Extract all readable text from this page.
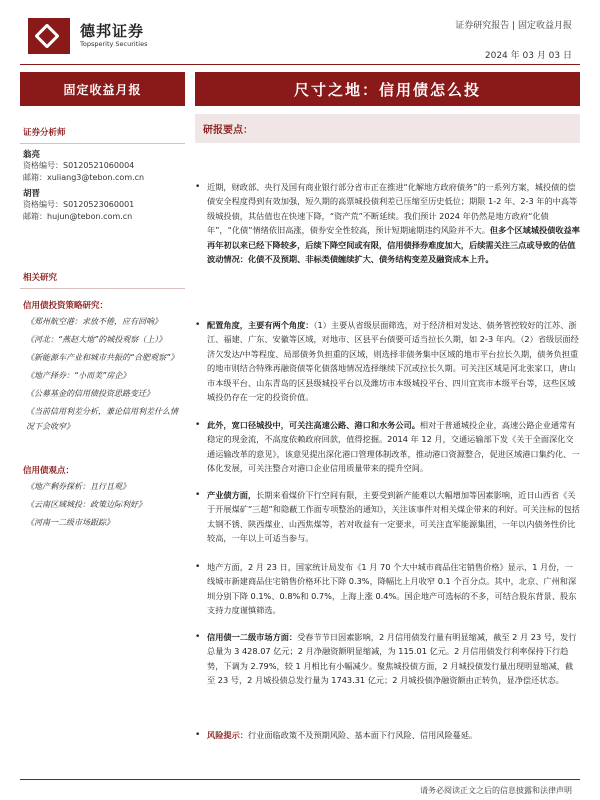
德邦证券
Topsperity Securities
证券研究报告 | 固定收益月报
2024 年 03 月 03 日
固定收益月报
证券分析师
翁亮
资格编号：S0120521060004
邮箱：xuliang3@tebon.com.cn
胡晋
资格编号：S0120523060001
邮箱：hujun@tebon.com.cn
相关研究
信用债投资策略研究：
《郑州航空港：求放不倦，应有回响》
《河北：“燕赵大地”的城投观察（上）》
《新能源车产业和城市共振的“合肥观察”》
《地产择券：“小而美”房企》
《公募基金的信用债投资思路变迁》
《当前信用利差分析，兼论信用利差什么情况下会收窄》
信用债观点：
《地产剩券探析：且行且观》
《云南区域城投：政策边际利好》
《河南一二级市场跟踪》
尺寸之地：信用债怎么投
研报要点：
• 近期，财政部、央行及国有商业银行部分省市正在推进“化解地方政府债务”的一系列方案，城投债的偿债安全程度得到有效加强，短久期的高票城投债利差已压缩至历史低位；期限 1-2 年、2-3 年的中高等级城投债，其估值也在快速下降，“资产荒”不断延续。我们预计 2024 年仍然是地方政府“化债年”，“化债”情绪依旧高涨，债券安全性较高，预计短期逾期违约风险并不大。但多个区域城投债收益率再年初以来已经下降较多，后续下降空间或有限，信用债择券难度加大，后续需关注三点或导致的估值波动情况：化债不及预期、非标类债缠续扩大、债务结构变差及融资成本上升。
• 配置角度，主要有两个角度：（1）主要从省级层面筛选，对于经济相对发达、债务管控较好的江苏、浙江、福建、广东、安徽等区域，对地市、区县平台债要可适当拉长久期，如 2-3 年内。（2）省级层面经济欠发达/中等程度、局部债务负担重的区域，则选择非债务集中区域的地市平台拉长久期，债务负担重的地市则结合特殊再融资债等化债落地情况选择继续下沉或拉长久期。可关注区域是河北张家口，唐山市本级平台、山东青岛的区县级城投平台以及潍坊市本级城投平台、四川宜宾市本级平台等，这些区域城投仍存在一定的投资价值。
• 此外，宽口径城投中，可关注高速公路、港口和水务公司。相对于普通城投企业，高速公路企业通常有稳定的现金流，不高度依赖政府回款，值得挖掘。2014 年 12 月，交通运输部下发《关于全面深化交通运输改革的意见》，该意见提出深化港口管理体制改革，推动港口资源整合，促进区域港口集约化、一体化发展，可关注整合对港口企业信用质量带来的提升空间。
• 产业债方面，长期来看煤价下行空间有限，主要受到新产能难以大幅增加等因素影响，近日山西省《关于开展煤矿“三超”和隐蔽工作面专项整治的通知》，关注该事件对相关煤企带来的利好。可关注标的包括太钢不锈、陕西煤业、山西焦煤等，若对收益有一定要求，可关注直军能源集团，一年以内债务性价比较高，一年以上可适当参与。
• 地产方面，2 月 23 日，国家统计局发布《1 月 70 个大中城市商品住宅销售价格》显示，1 月份，一线城市新建商品住宅销售价格环比下降 0.3%，降幅比上月收窄 0.1 个百分点。其中，北京、广州和深圳分别下降 0.1%、0.8%和 0.7%，上海上涨 0.4%。国企地产可选标的不多，可结合股东背景、股东支持力度谨慎筛选。
• 信用债一二级市场方面：受春节节日因素影响，2 月信用债发行量有明显缩减，截至 2 月 23 号，发行总量为 3 428.07 亿元；2 月净融资额明显缩减，为 115.01 亿元。2 月信用债发行利率保持下行趋势，下调为 2.79%，较 1 月相比有小幅减少。聚焦城投债方面，2 月城投债发行量出现明显缩减，截至 23 号，2 月城投债总发行量为 1743.31 亿元；2 月城投债净融资额由正转负，显净偿还状态。
• 风险提示：行业面临政策不及预期风险、基本面下行风险、信用风险蔓延。
请务必阅读正文之后的信息披露和法律声明
